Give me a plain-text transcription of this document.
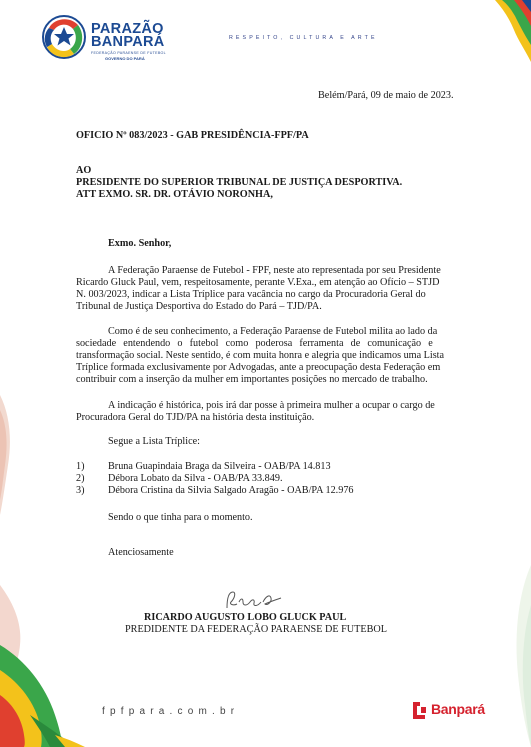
PARAZÃO
BANPARÁ
FEDERAÇÃO PARAENSE DE FUTEBOL
GOVERNO DO PARÁ
RESPEITO, CULTURA E ARTE
Belém/Pará, 09 de maio de 2023.
OFICIO Nº 083/2023 - GAB PRESIDÊNCIA-FPF/PA
AO
PRESIDENTE DO SUPERIOR TRIBUNAL DE JUSTIÇA DESPORTIVA.
ATT EXMO. SR. DR. OTÁVIO NORONHA,
Exmo. Senhor,
A Federação Paraense de Futebol - FPF, neste ato representada por seu Presidente
Ricardo Gluck Paul, vem, respeitosamente, perante V.Exa., em atenção ao Ofício – STJD
N. 003/2023, indicar a Lista Tríplice para vacância no cargo da Procuradoria Geral do
Tribunal de Justiça Desportiva do Estado do Pará – TJD/PA.
Como é de seu conhecimento, a Federação Paraense de Futebol milita ao lado da
sociedade entendendo o futebol como poderosa ferramenta de comunicação e
transformação social. Neste sentido, é com muita honra e alegria que indicamos uma Lista
Tríplice formada exclusivamente por Advogadas, ante a preocupação desta Federação em
contribuir com a inserção da mulher em importantes posições no mercado de trabalho.
A indicação é histórica, pois irá dar posse à primeira mulher a ocupar o cargo de
Procuradora Geral do TJD/PA na história desta instituição.
Segue a Lista Tríplice:
1) Bruna Guapindaia Braga da Silveira - OAB/PA 14.813
2) Débora Lobato da Silva - OAB/PA 33.849.
3) Débora Cristina da Silvia Salgado Aragão - OAB/PA 12.976
Sendo o que tinha para o momento.
Atenciosamente
RICARDO AUGUSTO LOBO GLUCK PAUL
PREDIDENTE DA FEDERAÇÃO PARAENSE DE FUTEBOL
fpfpara.com.br	Banpará
